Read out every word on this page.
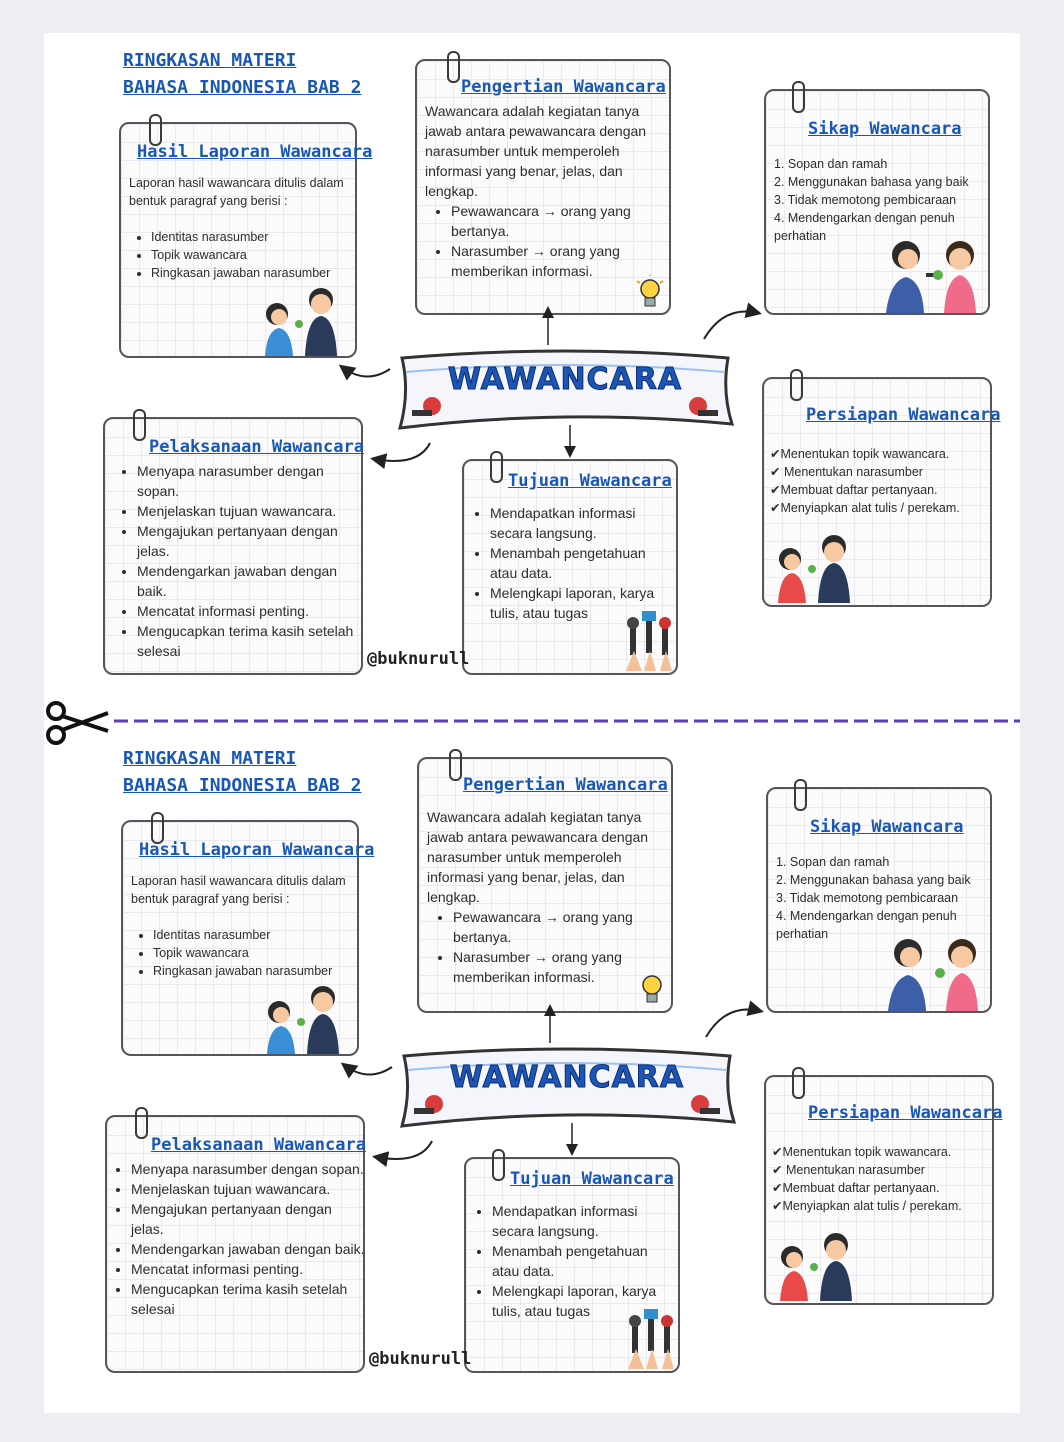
RINGKASAN MATERI
BAHASA INDONESIA BAB 2	Pengertian Wawancara
Wawancara adalah kegiatan tanya jawab antara pewawancara dengan narasumber untuk memperoleh informasi yang benar, jelas, dan lengkap.
• Pewawancara → orang yang bertanya.
• Narasumber → orang yang memberikan informasi.
Sikap Wawancara
1. Sopan dan ramah
2. Menggunakan bahasa yang baik
3. Tidak memotong pembicaraan
4. Mendengarkan dengan penuh perhatian
Hasil Laporan Wawancara
Laporan hasil wawancara ditulis dalam bentuk paragraf yang berisi :
• Identitas narasumber
• Topik wawancara
• Ringkasan jawaban narasumber
WAWANCARA
Persiapan Wawancara
✔Menentukan topik wawancara.
✔ Menentukan narasumber
✔Membuat daftar pertanyaan.
✔Menyiapkan alat tulis / perekam.
Pelaksanaan Wawancara
• Menyapa narasumber dengan sopan.
• Menjelaskan tujuan wawancara.
• Mengajukan pertanyaan dengan jelas.
• Mendengarkan jawaban dengan baik.
• Mencatat informasi penting.
• Mengucapkan terima kasih setelah selesai
Tujuan Wawancara
• Mendapatkan informasi secara langsung.
• Menambah pengetahuan atau data.
• Melengkapi laporan, karya tulis, atau tugas
@buknurull
RINGKASAN MATERI
BAHASA INDONESIA BAB 2	Pengertian Wawancara
Wawancara adalah kegiatan tanya jawab antara pewawancara dengan narasumber untuk memperoleh informasi yang benar, jelas, dan lengkap.
• Pewawancara → orang yang bertanya.
• Narasumber → orang yang memberikan informasi.
Sikap Wawancara
1. Sopan dan ramah
2. Menggunakan bahasa yang baik
3. Tidak memotong pembicaraan
4. Mendengarkan dengan penuh perhatian
Hasil Laporan Wawancara
Laporan hasil wawancara ditulis dalam bentuk paragraf yang berisi :
• Identitas narasumber
• Topik wawancara
• Ringkasan jawaban narasumber
WAWANCARA
Persiapan Wawancara
✔Menentukan topik wawancara.
✔ Menentukan narasumber
✔Membuat daftar pertanyaan.
✔Menyiapkan alat tulis / perekam.
Pelaksanaan Wawancara
• Menyapa narasumber dengan sopan.
• Menjelaskan tujuan wawancara.
• Mengajukan pertanyaan dengan jelas.
• Mendengarkan jawaban dengan baik.
• Mencatat informasi penting.
• Mengucapkan terima kasih setelah selesai
Tujuan Wawancara
• Mendapatkan informasi secara langsung.
• Menambah pengetahuan atau data.
• Melengkapi laporan, karya tulis, atau tugas
@buknurull
